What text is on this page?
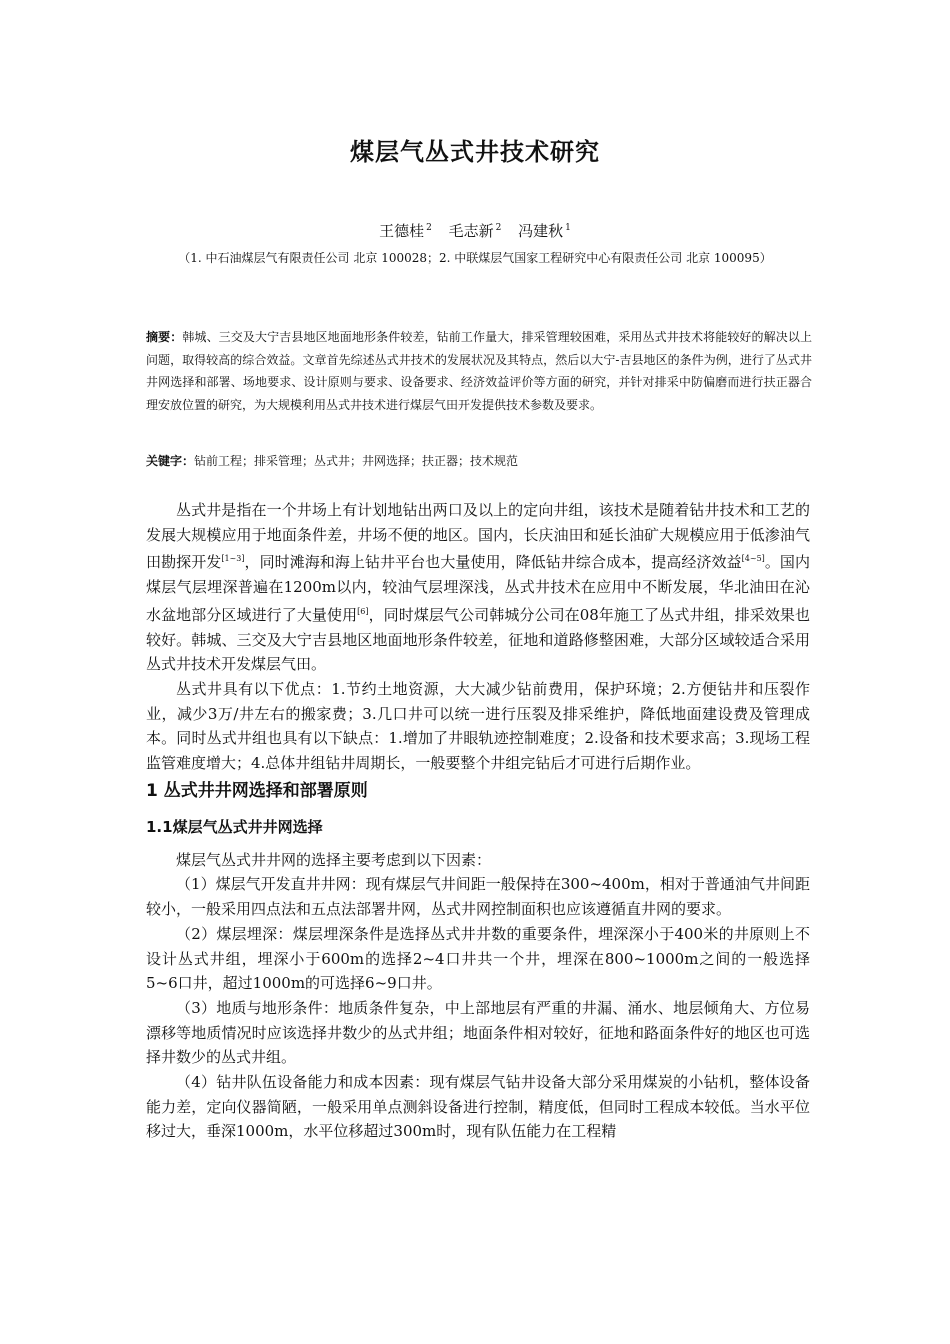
煤层气丛式井技术研究
王德桂 $^2$ 毛志新 $^2$ 冯建秋 $^1$
（1. 中石油煤层气有限责任公司 北京 100028；2. 中联煤层气国家工程研究中心有限责任公司 北京 100095）
摘要：韩城、三交及大宁吉县地区地面地形条件较差，钻前工作量大，排采管理较困难，采用丛式井技术将能较好的解决以上问题，取得较高的综合效益。文章首先综述丛式井技术的发展状况及其特点，然后以大宁-吉县地区的条件为例，进行了丛式井井网选择和部署、场地要求、设计原则与要求、设备要求、经济效益评价等方面的研究，并针对排采中防偏磨而进行扶正器合理安放位置的研究，为大规模利用丛式井技术进行煤层气田开发提供技术参数及要求。
关键字：钻前工程；排采管理；丛式井；井网选择；扶正器；技术规范

丛式井是指在一个井场上有计划地钻出两口及以上的定向井组，该技术是随着钻井技术和工艺的发展大规模应用于地面条件差，井场不便的地区。国内，长庆油田和延长油矿大规模应用于低渗油气田勘探开发[1~3]，同时滩海和海上钻井平台也大量使用，降低钻井综合成本，提高经济效益[4~5]。国内煤层气层埋深普遍在1200m以内，较油气层埋深浅，丛式井技术在应用中不断发展，华北油田在沁水盆地部分区域进行了大量使用[6]，同时煤层气公司韩城分公司在08年施工了丛式井组，排采效果也较好。韩城、三交及大宁吉县地区地面地形条件较差，征地和道路修整困难，大部分区域较适合采用丛式井技术开发煤层气田。

丛式井具有以下优点：1.节约土地资源，大大减少钻前费用，保护环境；2.方便钻井和压裂作业，减少3万/井左右的搬家费；3.几口井可以统一进行压裂及排采维护，降低地面建设费及管理成本。同时丛式井组也具有以下缺点：1.增加了井眼轨迹控制难度；2.设备和技术要求高；3.现场工程监管难度增大；4.总体井组钻井周期长，一般要整个井组完钻后才可进行后期作业。

1 丛式井井网选择和部署原则

1.1煤层气丛式井井网选择

煤层气丛式井井网的选择主要考虑到以下因素：

（1）煤层气开发直井井网：现有煤层气井间距一般保持在300~400m，相对于普通油气井间距较小，一般采用四点法和五点法部署井网，丛式井网控制面积也应该遵循直井网的要求。

（2）煤层埋深：煤层埋深条件是选择丛式井井数的重要条件，埋深深小于400米的井原则上不设计丛式井组，埋深小于600m的选择2~4口井共一个井，埋深在800~1000m之间的一般选择5~6口井，超过1000m的可选择6~9口井。

（3）地质与地形条件：地质条件复杂，中上部地层有严重的井漏、涌水、地层倾角大、方位易漂移等地质情况时应该选择井数少的丛式井组；地面条件相对较好，征地和路面条件好的地区也可选择井数少的丛式井组。

（4）钻井队伍设备能力和成本因素：现有煤层气钻井设备大部分采用煤炭的小钻机，整体设备能力差，定向仪器简陋，一般采用单点测斜设备进行控制，精度低，但同时工程成本较低。当水平位移过大，垂深1000m，水平位移超过300m时，现有队伍能力在工程精
